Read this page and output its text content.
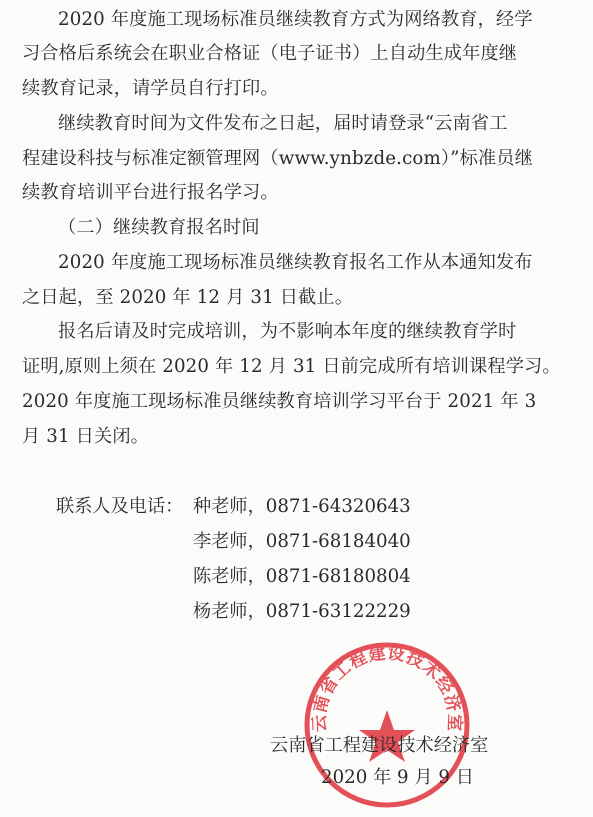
2020 年度施工现场标准员继续教育方式为网络教育，经学
习合格后系统会在职业合格证（电子证书）上自动生成年度继
续教育记录，请学员自行打印。
继续教育时间为文件发布之日起，届时请登录“云南省工
程建设科技与标准定额管理网（www.ynbzde.com）”标准员继
续教育培训平台进行报名学习。
（二）继续教育报名时间
2020 年度施工现场标准员继续教育报名工作从本通知发布
之日起，至 2020 年 12 月 31 日截止。
报名后请及时完成培训，为不影响本年度的继续教育学时
证明,原则上须在 2020 年 12 月 31 日前完成所有培训课程学习。
2020 年度施工现场标准员继续教育培训学习平台于 2021 年 3
月 31 日关闭。
联系人及电话： 种老师，0871-64320643
李老师，0871-68184040
陈老师，0871-68180804
杨老师，0871-63122229
云南省工程建设技术经济室
云南省工程建设技术经济室
2020 年 9 月 9 日
